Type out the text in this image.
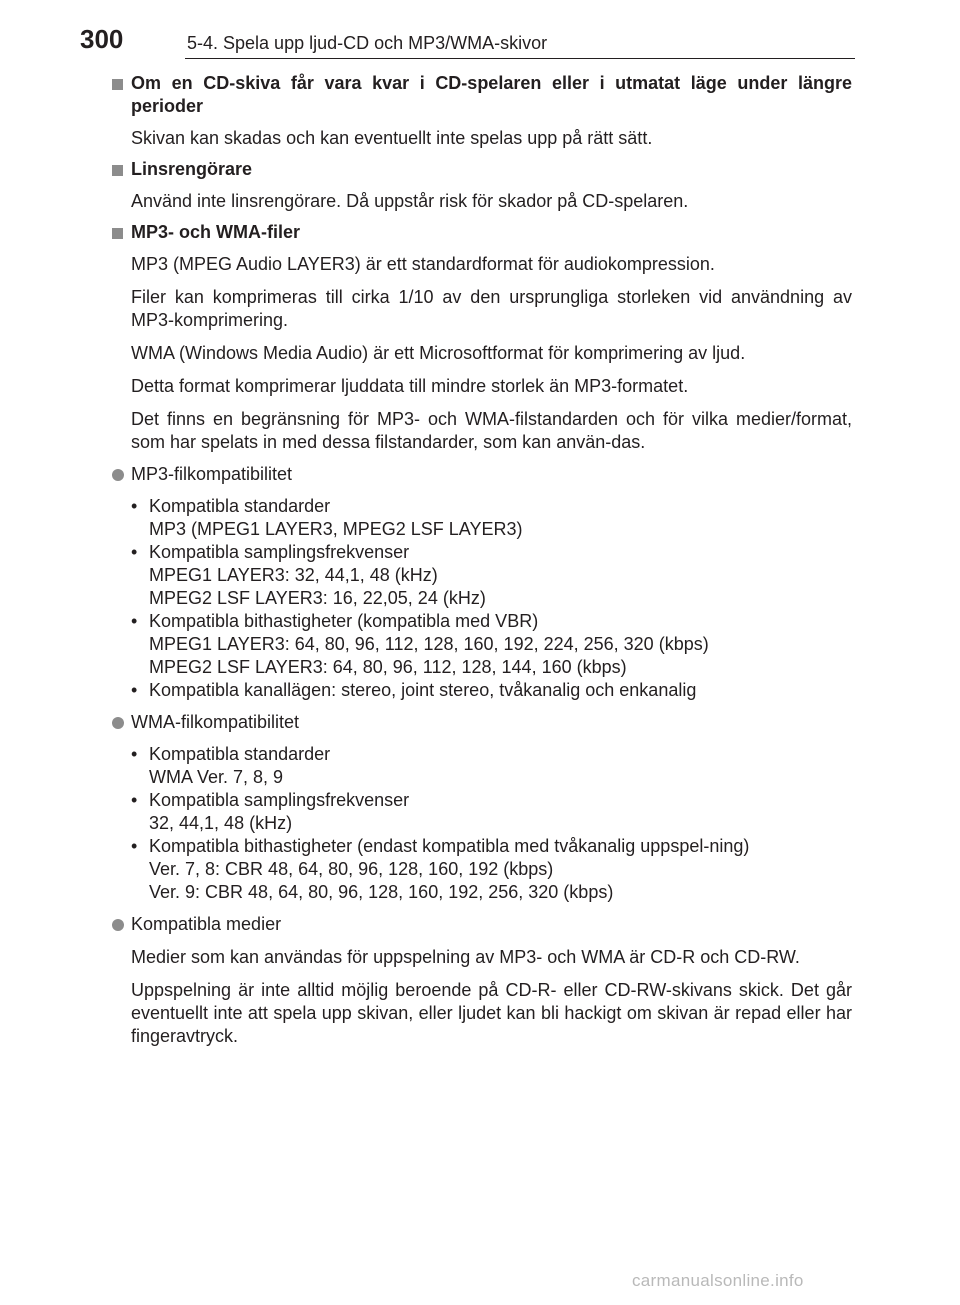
300	5-4. Spela upp ljud-CD och MP3/WMA-skivor
Om en CD-skiva får vara kvar i CD-spelaren eller i utmatat läge under längre perioder

Skivan kan skadas och kan eventuellt inte spelas upp på rätt sätt.

Linsrengörare

Använd inte linsrengörare. Då uppstår risk för skador på CD-spelaren.

MP3- och WMA-filer

MP3 (MPEG Audio LAYER3) är ett standardformat för audiokompression.

Filer kan komprimeras till cirka 1/10 av den ursprungliga storleken vid användning av MP3-komprimering.

WMA (Windows Media Audio) är ett Microsoftformat för komprimering av ljud.

Detta format komprimerar ljuddata till mindre storlek än MP3-formatet.

Det finns en begränsning för MP3- och WMA-filstandarden och för vilka medier/format, som har spelats in med dessa filstandarder, som kan använ-das.

MP3-filkompatibilitet
• Kompatibla standarder
MP3 (MPEG1 LAYER3, MPEG2 LSF LAYER3)
• Kompatibla samplingsfrekvenser
MPEG1 LAYER3: 32, 44,1, 48 (kHz)
MPEG2 LSF LAYER3: 16, 22,05, 24 (kHz)
• Kompatibla bithastigheter (kompatibla med VBR)
MPEG1 LAYER3: 64, 80, 96, 112, 128, 160, 192, 224, 256, 320 (kbps)
MPEG2 LSF LAYER3: 64, 80, 96, 112, 128, 144, 160 (kbps)
• Kompatibla kanallägen: stereo, joint stereo, tvåkanalig och enkanalig
WMA-filkompatibilitet
• Kompatibla standarder
WMA Ver. 7, 8, 9
• Kompatibla samplingsfrekvenser
32, 44,1, 48 (kHz)
• Kompatibla bithastigheter (endast kompatibla med tvåkanalig uppspel-ning)
Ver. 7, 8: CBR 48, 64, 80, 96, 128, 160, 192 (kbps)
Ver. 9: CBR 48, 64, 80, 96, 128, 160, 192, 256, 320 (kbps)
Kompatibla medier

Medier som kan användas för uppspelning av MP3- och WMA är CD-R och CD-RW.

Uppspelning är inte alltid möjlig beroende på CD-R- eller CD-RW-skivans skick. Det går eventuellt inte att spela upp skivan, eller ljudet kan bli hackigt om skivan är repad eller har fingeravtryck.

carmanualsonline.info
